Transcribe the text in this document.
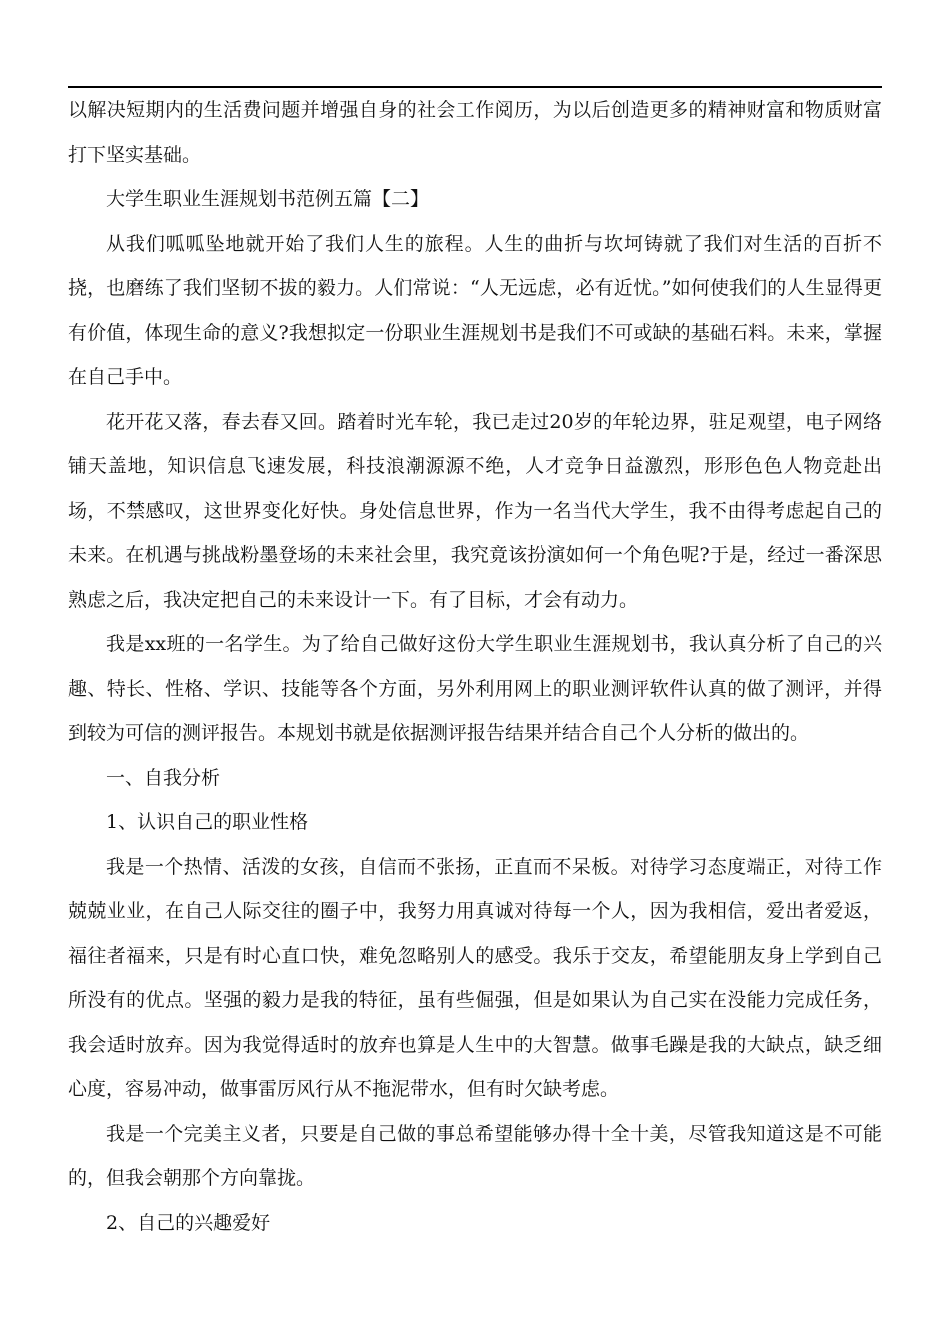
以解决短期内的生活费问题并增强自身的社会工作阅历，为以后创造更多的精神财富和物质财富打下坚实基础。

大学生职业生涯规划书范例五篇【二】

从我们呱呱坠地就开始了我们人生的旅程。人生的曲折与坎坷铸就了我们对生活的百折不挠，也磨练了我们坚韧不拔的毅力。人们常说：“人无远虑，必有近忧。”如何使我们的人生显得更有价值，体现生命的意义?我想拟定一份职业生涯规划书是我们不可或缺的基础石料。未来，掌握在自己手中。

花开花又落，春去春又回。踏着时光车轮，我已走过20岁的年轮边界，驻足观望，电子网络铺天盖地，知识信息飞速发展，科技浪潮源源不绝，人才竞争日益激烈，形形色色人物竞赴出场，不禁感叹，这世界变化好快。身处信息世界，作为一名当代大学生，我不由得考虑起自己的未来。在机遇与挑战粉墨登场的未来社会里，我究竟该扮演如何一个角色呢?于是，经过一番深思熟虑之后，我决定把自己的未来设计一下。有了目标，才会有动力。

我是xx班的一名学生。为了给自己做好这份大学生职业生涯规划书，我认真分析了自己的兴趣、特长、性格、学识、技能等各个方面，另外利用网上的职业测评软件认真的做了测评，并得到较为可信的测评报告。本规划书就是依据测评报告结果并结合自己个人分析的做出的。

一、自我分析

1、认识自己的职业性格

我是一个热情、活泼的女孩，自信而不张扬，正直而不呆板。对待学习态度端正，对待工作兢兢业业，在自己人际交往的圈子中，我努力用真诚对待每一个人，因为我相信，爱出者爱返，福往者福来，只是有时心直口快，难免忽略别人的感受。我乐于交友，希望能朋友身上学到自己所没有的优点。坚强的毅力是我的特征，虽有些倔强，但是如果认为自己实在没能力完成任务，我会适时放弃。因为我觉得适时的放弃也算是人生中的大智慧。做事毛躁是我的大缺点，缺乏细心度，容易冲动，做事雷厉风行从不拖泥带水，但有时欠缺考虑。

我是一个完美主义者，只要是自己做的事总希望能够办得十全十美，尽管我知道这是不可能的，但我会朝那个方向靠拢。

2、自己的兴趣爱好
